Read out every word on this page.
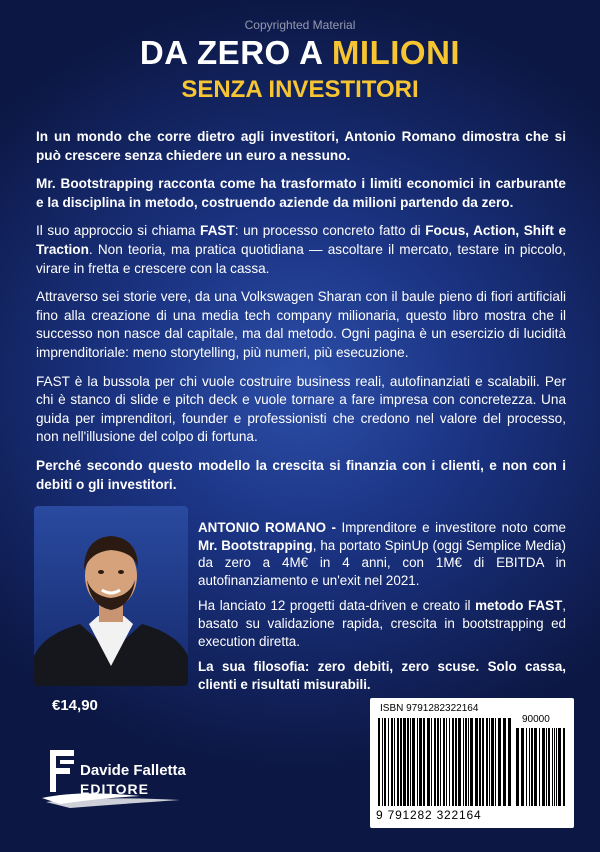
Copyrighted Material
DA ZERO A MILIONI
SENZA INVESTITORI

In un mondo che corre dietro agli investitori, Antonio Romano dimostra che si può crescere senza chiedere un euro a nessuno.

Mr. Bootstrapping racconta come ha trasformato i limiti economici in carburante e la disciplina in metodo, costruendo aziende da milioni partendo da zero.

Il suo approccio si chiama FAST: un processo concreto fatto di Focus, Action, Shift e Traction. Non teoria, ma pratica quotidiana — ascoltare il mercato, testare in piccolo, virare in fretta e crescere con la cassa.

Attraverso sei storie vere, da una Volkswagen Sharan con il baule pieno di fiori artificiali fino alla creazione di una media tech company milionaria, questo libro mostra che il successo non nasce dal capitale, ma dal metodo. Ogni pagina è un esercizio di lucidità imprenditoriale: meno storytelling, più numeri, più esecuzione.

FAST è la bussola per chi vuole costruire business reali, autofinanziati e scalabili. Per chi è stanco di slide e pitch deck e vuole tornare a fare impresa con concretezza. Una guida per imprenditori, founder e professionisti che credono nel valore del processo, non nell'illusione del colpo di fortuna.

Perché secondo questo modello la crescita si finanzia con i clienti, e non con i debiti o gli investitori.

ANTONIO ROMANO - Imprenditore e investitore noto come Mr. Bootstrapping, ha portato SpinUp (oggi Semplice Media) da zero a 4M€ in 4 anni, con 1M€ di EBITDA in autofinanziamento e un'exit nel 2021.

Ha lanciato 12 progetti data-driven e creato il metodo FAST, basato su validazione rapida, crescita in bootstrapping ed execution diretta.

La sua filosofia: zero debiti, zero scuse. Solo cassa, clienti e risultati misurabili.

€14,90
Davide Falletta
EDITORE
ISBN 9791282322164
90000
9 791282 322164
